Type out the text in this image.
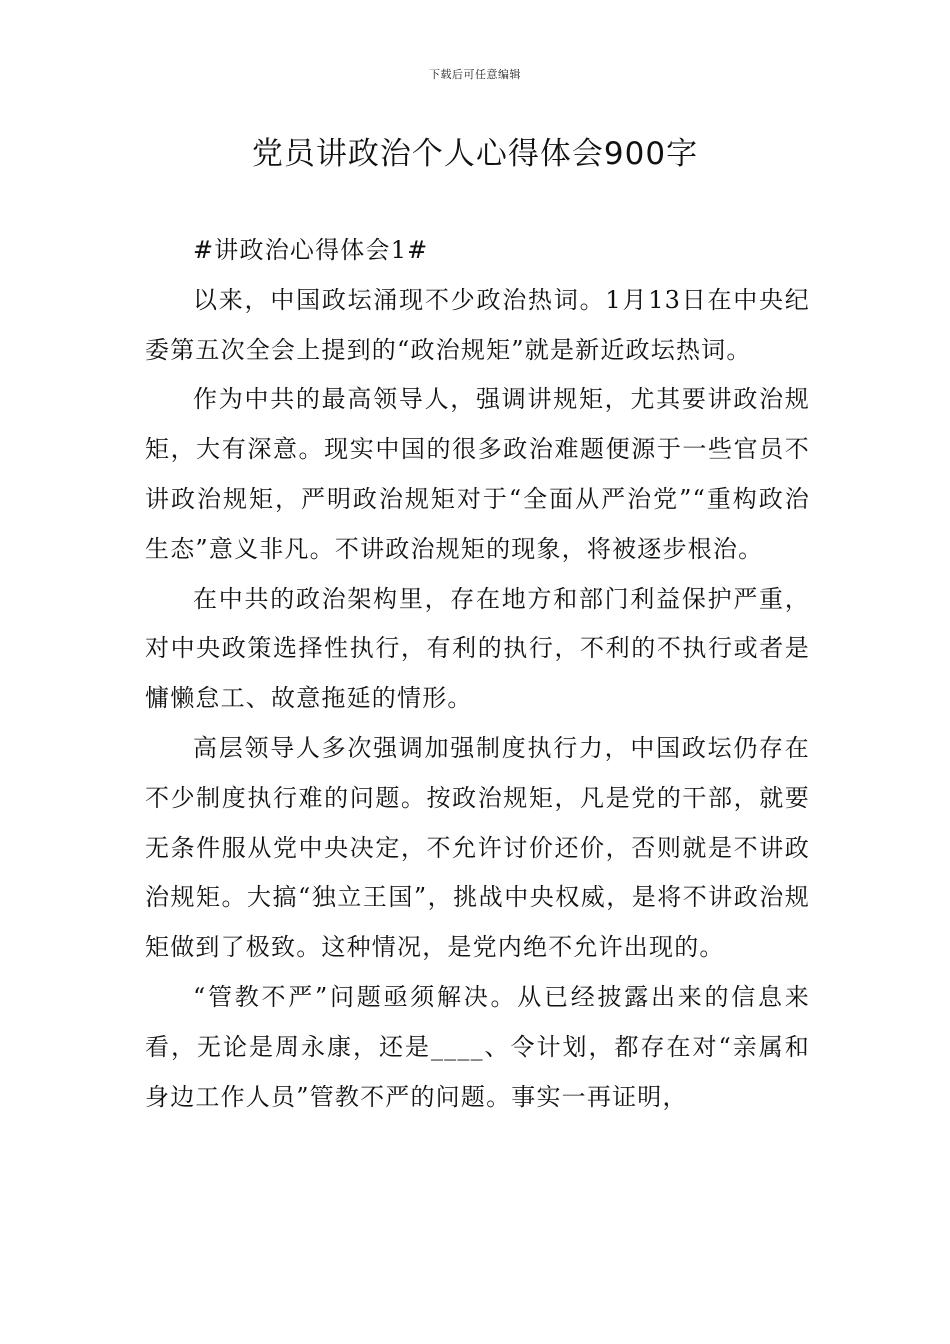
下载后可任意编辑
党员讲政治个人心得体会900字

#讲政治心得体会1#

以来，中国政坛涌现不少政治热词。1月13日在中央纪委第五次全会上提到的“政治规矩”就是新近政坛热词。

作为中共的最高领导人，强调讲规矩，尤其要讲政治规矩，大有深意。现实中国的很多政治难题便源于一些官员不讲政治规矩，严明政治规矩对于“全面从严治党”“重构政治生态”意义非凡。不讲政治规矩的现象，将被逐步根治。

在中共的政治架构里，存在地方和部门利益保护严重，对中央政策选择性执行，有利的执行，不利的不执行或者是慵懒怠工、故意拖延的情形。

高层领导人多次强调加强制度执行力，中国政坛仍存在不少制度执行难的问题。按政治规矩，凡是党的干部，就要无条件服从党中央决定，不允许讨价还价，否则就是不讲政治规矩。大搞“独立王国”，挑战中央权威，是将不讲政治规矩做到了极致。这种情况，是党内绝不允许出现的。

“管教不严”问题亟须解决。从已经披露出来的信息来看，无论是周永康，还是____、令计划，都存在对“亲属和身边工作人员”管教不严的问题。事实一再证明，
